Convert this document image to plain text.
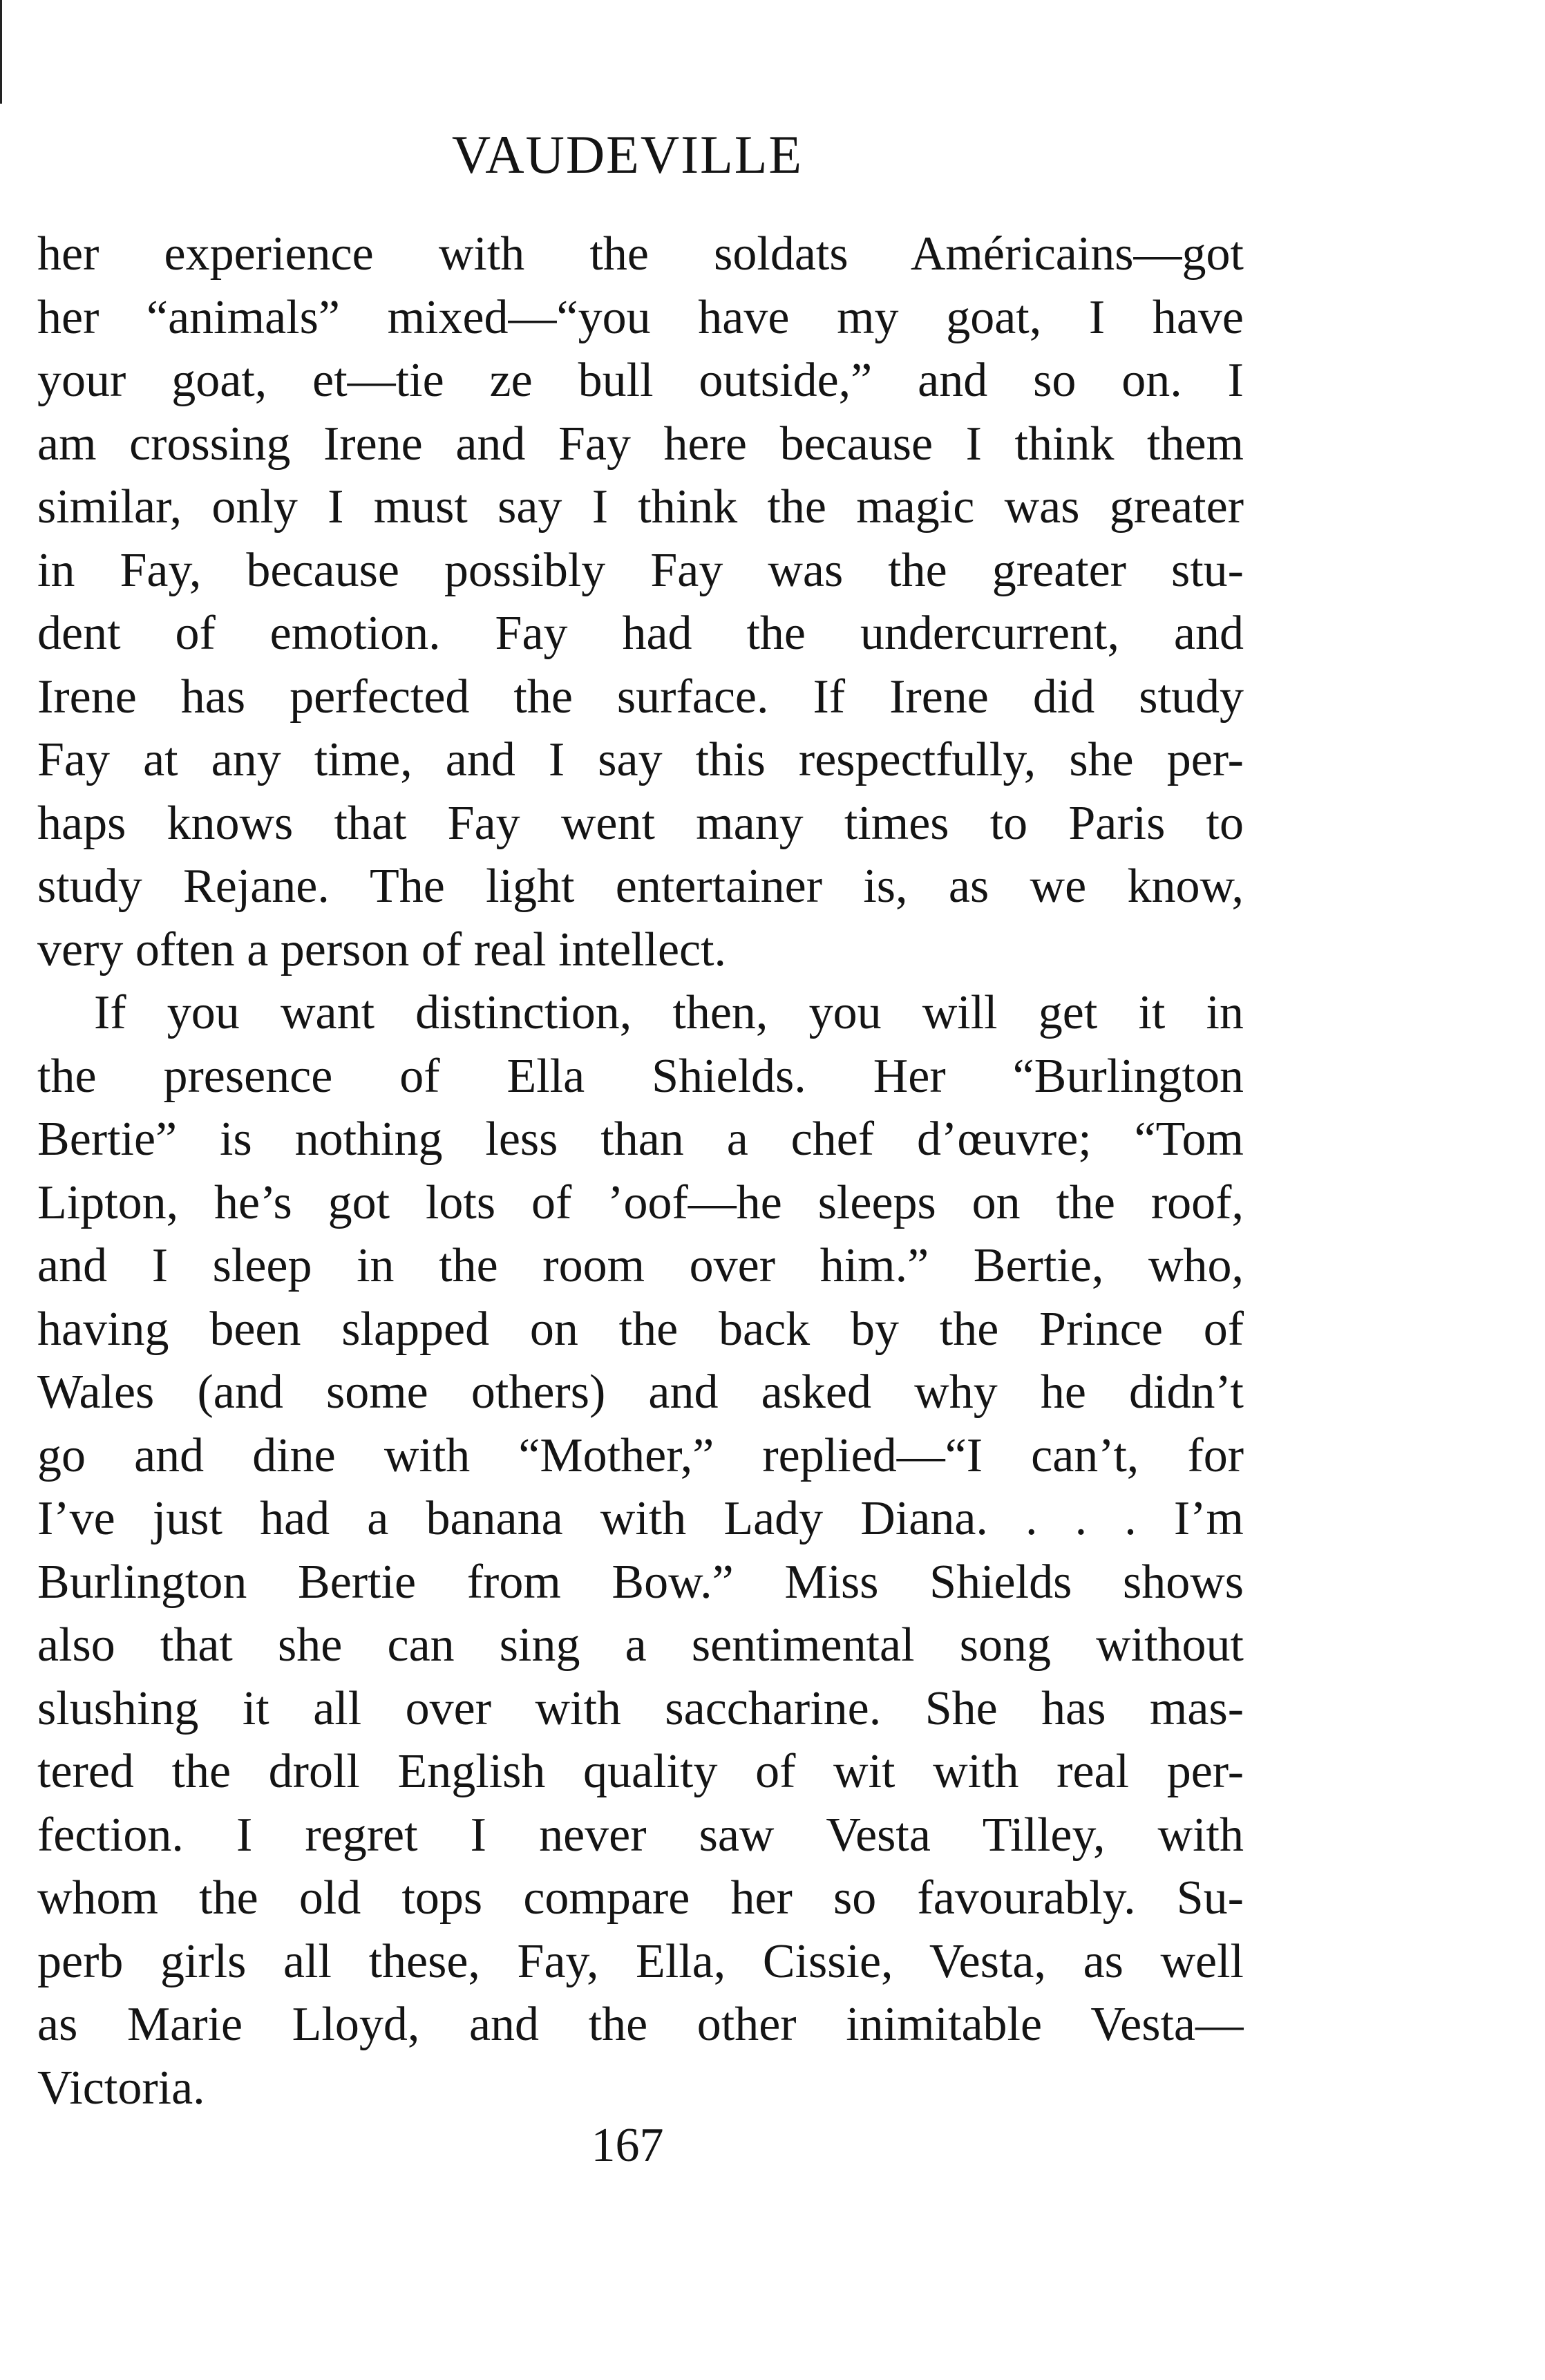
VAUDEVILLE
her experience with the soldats Américains—got
her “animals” mixed—“you have my goat, I have
your goat, et—tie ze bull outside,” and so on. I
am crossing Irene and Fay here because I think them
similar, only I must say I think the magic was greater
in Fay, because possibly Fay was the greater stu-
dent of emotion. Fay had the undercurrent, and
Irene has perfected the surface. If Irene did study
Fay at any time, and I say this respectfully, she per-
haps knows that Fay went many times to Paris to
study Rejane. The light entertainer is, as we know,
very often a person of real intellect.
If you want distinction, then, you will get it in
the presence of Ella Shields. Her “Burlington
Bertie” is nothing less than a chef d’œuvre; “Tom
Lipton, he’s got lots of ’oof—he sleeps on the roof,
and I sleep in the room over him.” Bertie, who,
having been slapped on the back by the Prince of
Wales (and some others) and asked why he didn’t
go and dine with “Mother,” replied—“I can’t, for
I’ve just had a banana with Lady Diana. . . . I’m
Burlington Bertie from Bow.” Miss Shields shows
also that she can sing a sentimental song without
slushing it all over with saccharine. She has mas-
tered the droll English quality of wit with real per-
fection. I regret I never saw Vesta Tilley, with
whom the old tops compare her so favourably. Su-
perb girls all these, Fay, Ella, Cissie, Vesta, as well
as Marie Lloyd, and the other inimitable Vesta—
Victoria.
167
